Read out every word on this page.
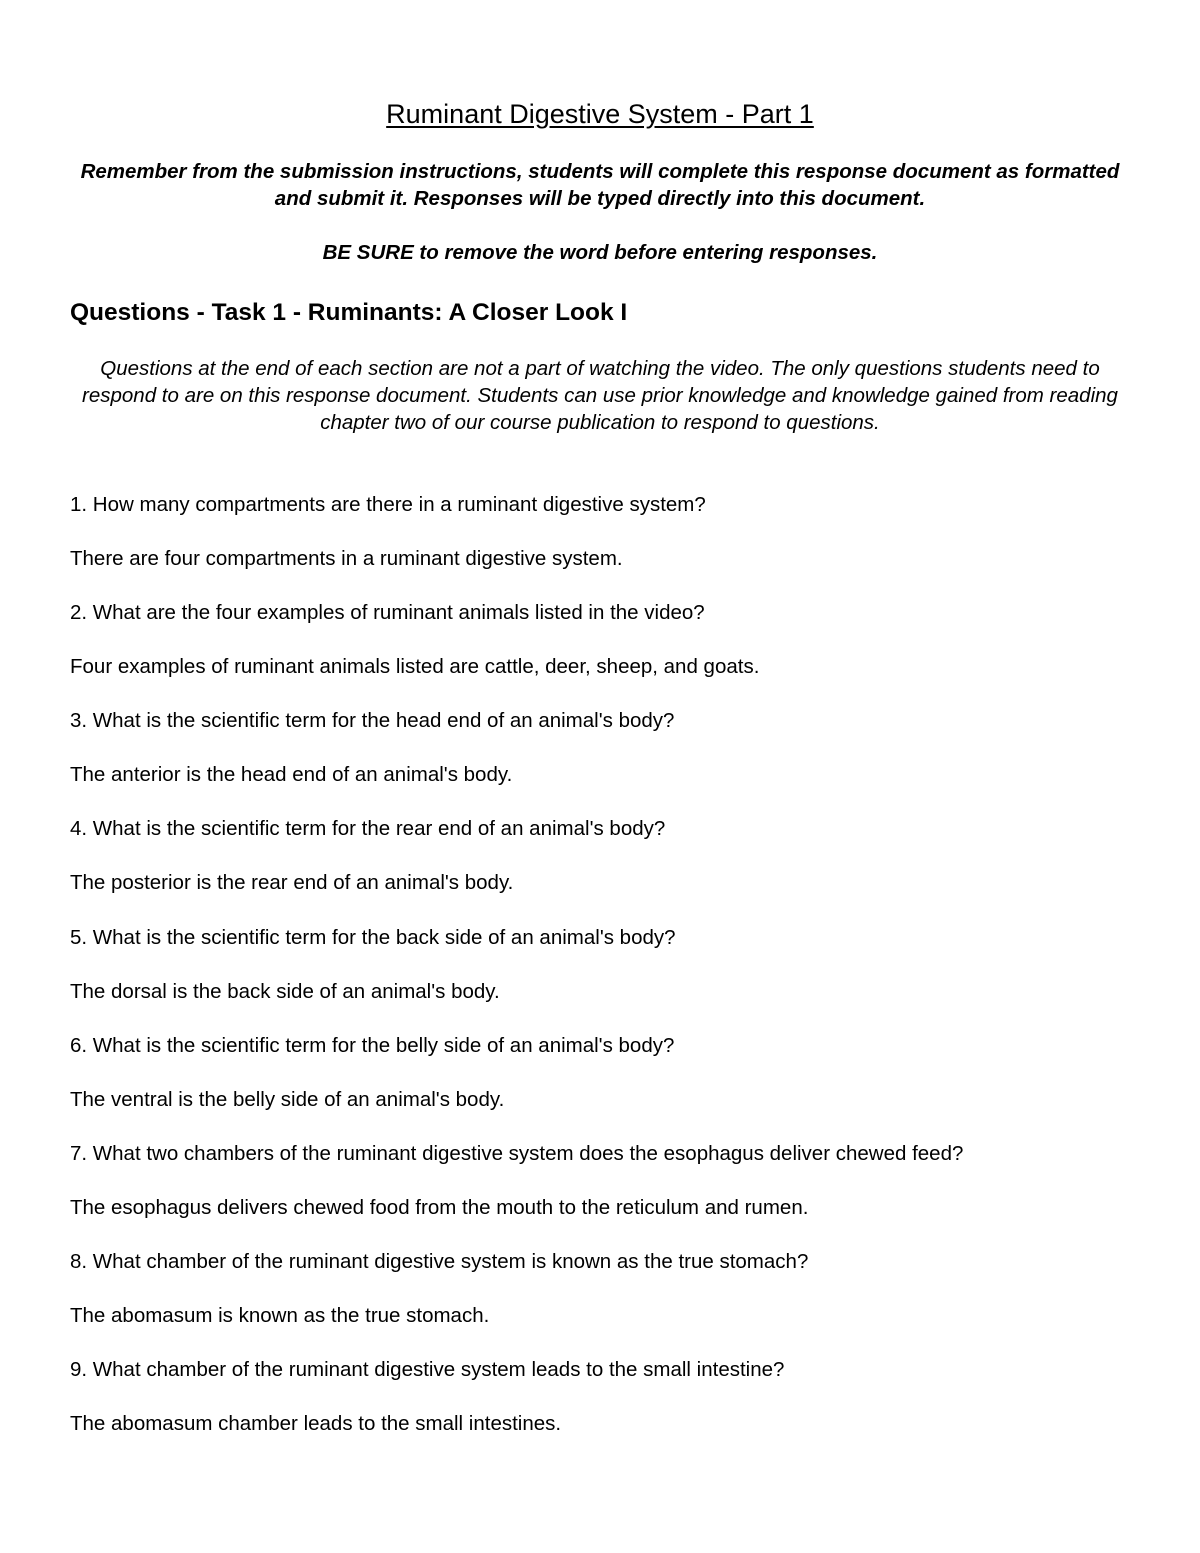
Ruminant Digestive System - Part 1

Remember from the submission instructions, students will complete this response document as formatted and submit it. Responses will be typed directly into this document.

BE SURE to remove the word before entering responses.

Questions - Task 1 - Ruminants: A Closer Look I

Questions at the end of each section are not a part of watching the video. The only questions students need to respond to are on this response document. Students can use prior knowledge and knowledge gained from reading chapter two of our course publication to respond to questions.

1. How many compartments are there in a ruminant digestive system?

There are four compartments in a ruminant digestive system.

2. What are the four examples of ruminant animals listed in the video?

Four examples of ruminant animals listed are cattle, deer, sheep, and goats.

3. What is the scientific term for the head end of an animal's body?

The anterior is the head end of an animal's body.

4. What is the scientific term for the rear end of an animal's body?

The posterior is the rear end of an animal's body.

5. What is the scientific term for the back side of an animal's body?

The dorsal is the back side of an animal's body.

6. What is the scientific term for the belly side of an animal's body?

The ventral is the belly side of an animal's body.

7. What two chambers of the ruminant digestive system does the esophagus deliver chewed feed?

The esophagus delivers chewed food from the mouth to the reticulum and rumen.

8. What chamber of the ruminant digestive system is known as the true stomach?

The abomasum is known as the true stomach.

9. What chamber of the ruminant digestive system leads to the small intestine?

The abomasum chamber leads to the small intestines.
